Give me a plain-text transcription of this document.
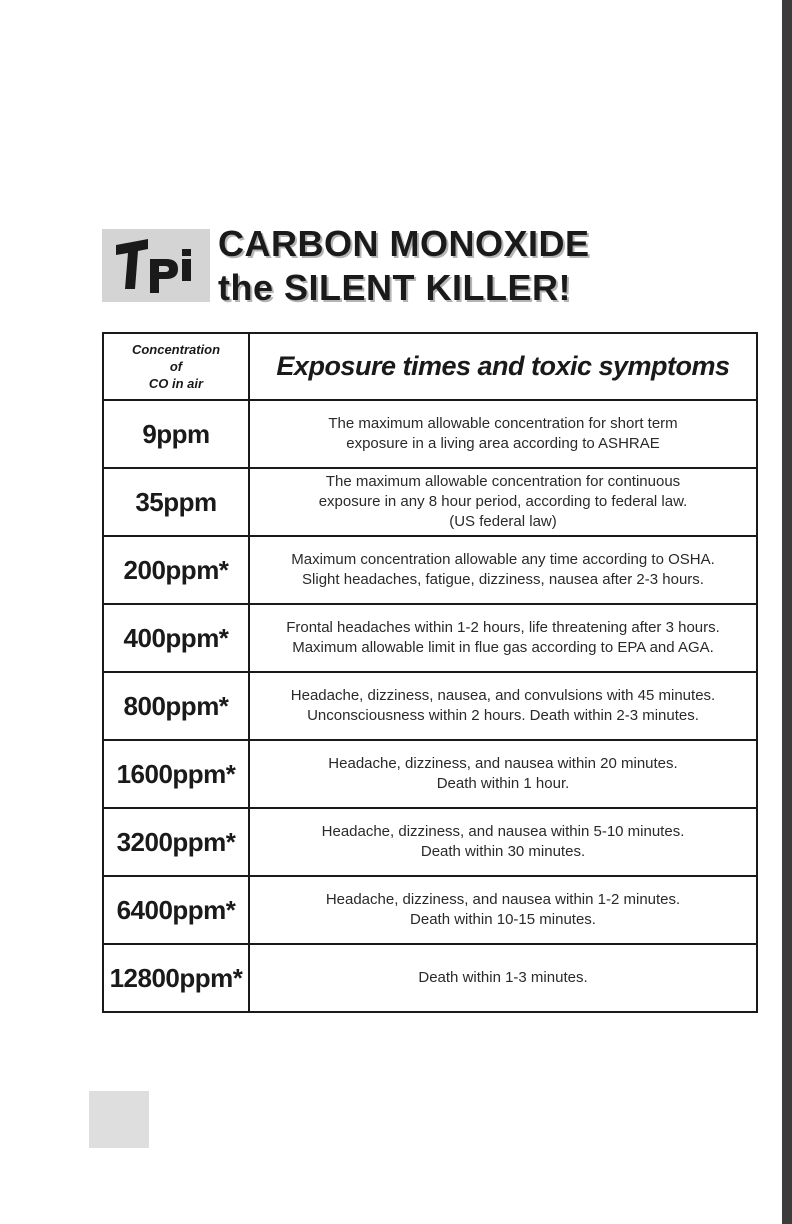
CARBON MONOXIDE
the SILENT KILLER!
Concentration
of
CO in air	Exposure times and toxic symptoms
9ppm	The maximum allowable concentration for short term
exposure in a living area according to ASHRAE

35ppm	The maximum allowable concentration for continuous
exposure in any 8 hour period, according to federal law.
(US federal law)

200ppm*	Maximum concentration allowable any time according to OSHA.
Slight headaches, fatigue, dizziness, nausea after 2-3 hours.

400ppm*	Frontal headaches within 1-2 hours, life threatening after 3 hours.
Maximum allowable limit in flue gas according to EPA and AGA.

800ppm*	Headache, dizziness, nausea, and convulsions with 45 minutes.
Unconsciousness within 2 hours. Death within 2-3 minutes.

1600ppm*	Headache, dizziness, and nausea within 20 minutes.
Death within 1 hour.

3200ppm*	Headache, dizziness, and nausea within 5-10 minutes.
Death within 30 minutes.

6400ppm*	Headache, dizziness, and nausea within 1-2 minutes.
Death within 10-15 minutes.

12800ppm*	Death within 1-3 minutes.
